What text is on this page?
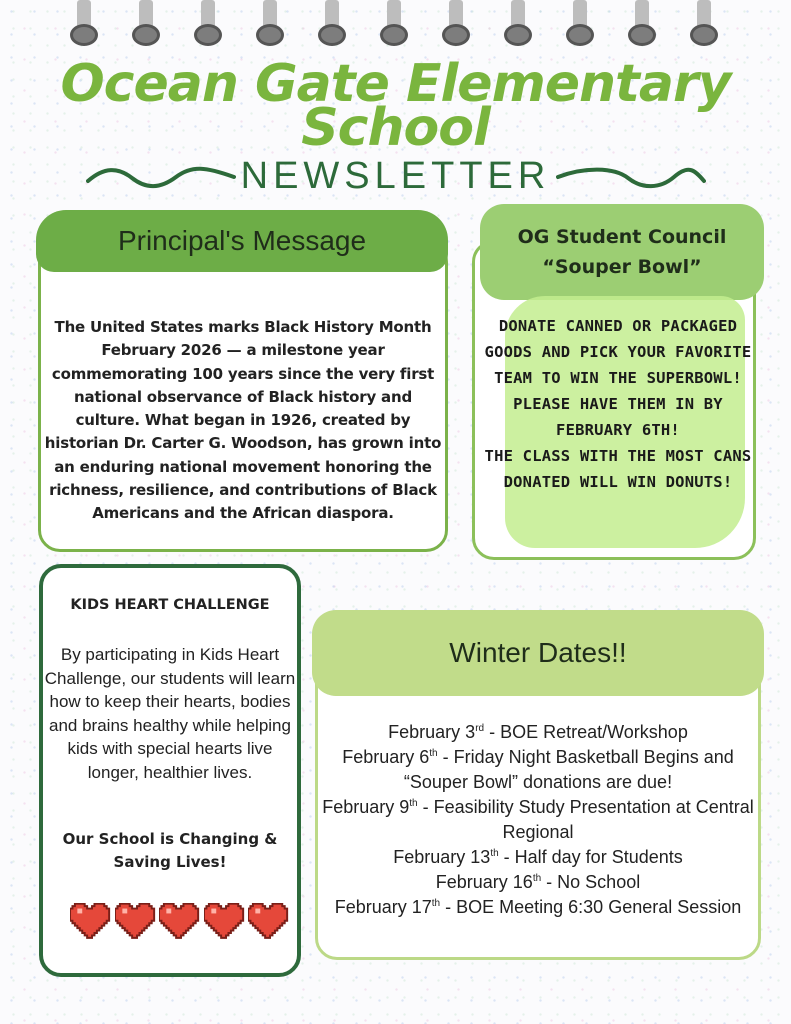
Ocean Gate Elementary
School
NEWSLETTER
Principal's Message
The United States marks Black History Month February 2026 — a milestone year commemorating 100 years since the very first national observance of Black history and culture. What began in 1926, created by historian Dr. Carter G. Woodson, has grown into an enduring national movement honoring the richness, resilience, and contributions of Black Americans and the African diaspora.
OG Student Council
“Souper Bowl”
DONATE CANNED OR PACKAGED GOODS AND PICK YOUR FAVORITE TEAM TO WIN THE SUPERBOWL!
PLEASE HAVE THEM IN BY FEBRUARY 6TH!
THE CLASS WITH THE MOST CANS DONATED WILL WIN DONUTS!
KIDS HEART CHALLENGE
By participating in Kids Heart Challenge, our students will learn how to keep their hearts, bodies and brains healthy while helping kids with special hearts live longer, healthier lives.
Our School is Changing & Saving Lives!
Winter Dates!!
February 3rd - BOE Retreat/Workshop
February 6th - Friday Night Basketball Begins and “Souper Bowl” donations are due!
February 9th - Feasibility Study Presentation at Central Regional
February 13th - Half day for Students
February 16th - No School
February 17th - BOE Meeting 6:30 General Session
